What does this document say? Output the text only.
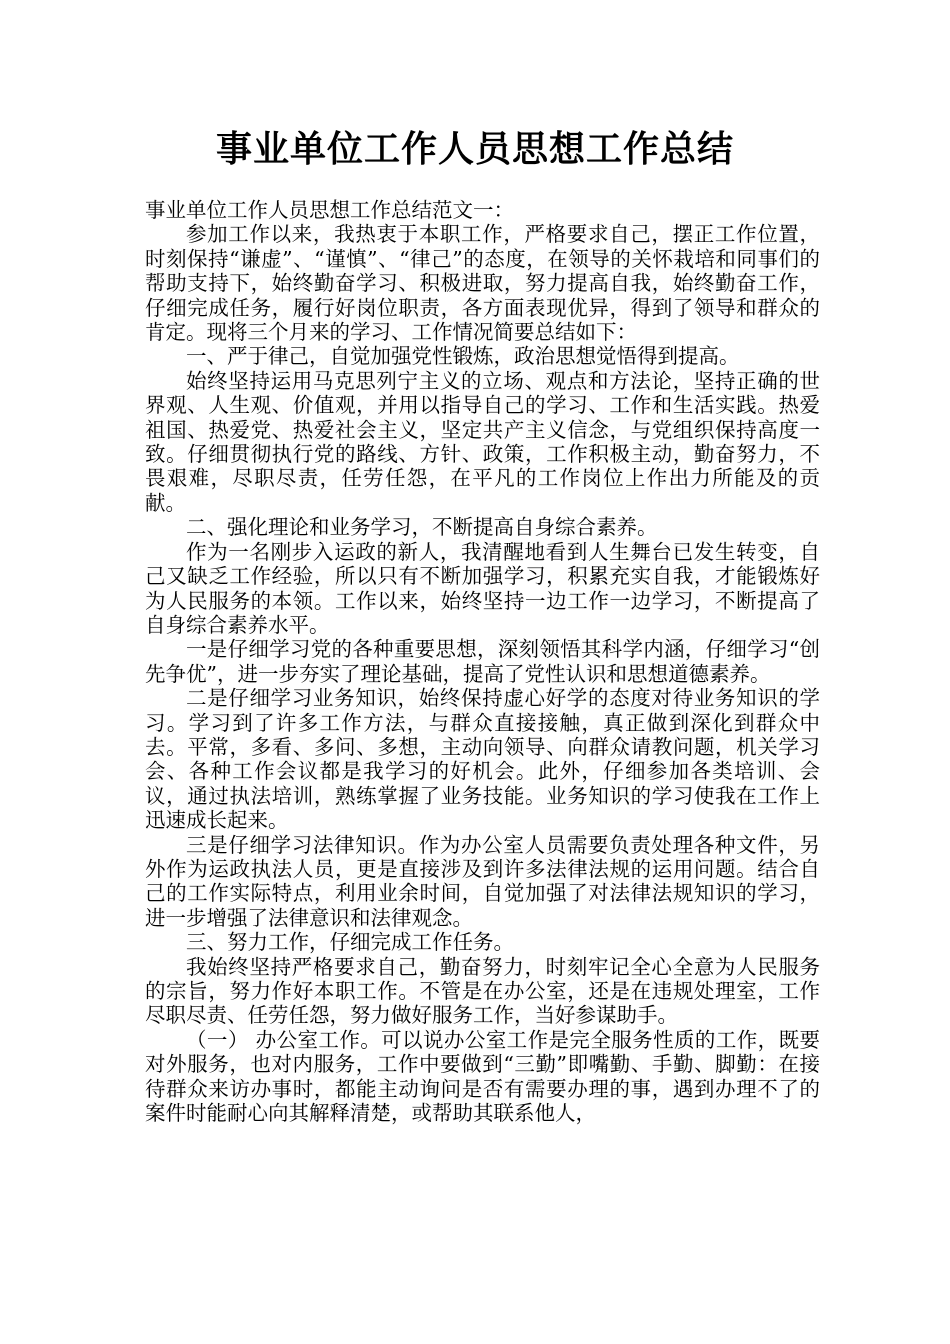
事业单位工作人员思想工作总结

事业单位工作人员思想工作总结范文一：

参加工作以来，我热衷于本职工作，严格要求自己，摆正工作位置，时刻保持“谦虚”、“谨慎”、“律己”的态度，在领导的关怀栽培和同事们的帮助支持下，始终勤奋学习、积极进取，努力提高自我，始终勤奋工作，仔细完成任务，履行好岗位职责，各方面表现优异，得到了领导和群众的肯定。现将三个月来的学习、工作情况简要总结如下：

一、严于律己，自觉加强党性锻炼，政治思想觉悟得到提高。

始终坚持运用马克思列宁主义的立场、观点和方法论，坚持正确的世界观、人生观、价值观，并用以指导自己的学习、工作和生活实践。热爱祖国、热爱党、热爱社会主义，坚定共产主义信念，与党组织保持高度一致。仔细贯彻执行党的路线、方针、政策，工作积极主动，勤奋努力，不畏艰难，尽职尽责，任劳任怨，在平凡的工作岗位上作出力所能及的贡献。

二、强化理论和业务学习，不断提高自身综合素养。

作为一名刚步入运政的新人，我清醒地看到人生舞台已发生转变，自己又缺乏工作经验，所以只有不断加强学习，积累充实自我，才能锻炼好为人民服务的本领。工作以来，始终坚持一边工作一边学习，不断提高了自身综合素养水平。

一是仔细学习党的各种重要思想，深刻领悟其科学内涵，仔细学习“创先争优”，进一步夯实了理论基础，提高了党性认识和思想道德素养。

二是仔细学习业务知识，始终保持虚心好学的态度对待业务知识的学习。学习到了许多工作方法，与群众直接接触，真正做到深化到群众中去。平常，多看、多问、多想，主动向领导、向群众请教问题，机关学习会、各种工作会议都是我学习的好机会。此外，仔细参加各类培训、会议，通过执法培训，熟练掌握了业务技能。业务知识的学习使我在工作上迅速成长起来。

三是仔细学习法律知识。作为办公室人员需要负责处理各种文件，另外作为运政执法人员，更是直接涉及到许多法律法规的运用问题。结合自己的工作实际特点，利用业余时间，自觉加强了对法律法规知识的学习，进一步增强了法律意识和法律观念。

三、努力工作，仔细完成工作任务。

我始终坚持严格要求自己，勤奋努力，时刻牢记全心全意为人民服务的宗旨，努力作好本职工作。不管是在办公室，还是在违规处理室，工作尽职尽责、任劳任怨，努力做好服务工作，当好参谋助手。

（一） 办公室工作。可以说办公室工作是完全服务性质的工作，既要对外服务，也对内服务，工作中要做到“三勤”即嘴勤、手勤、脚勤：在接待群众来访办事时，都能主动询问是否有需要办理的事，遇到办理不了的案件时能耐心向其解释清楚，或帮助其联系他人，
